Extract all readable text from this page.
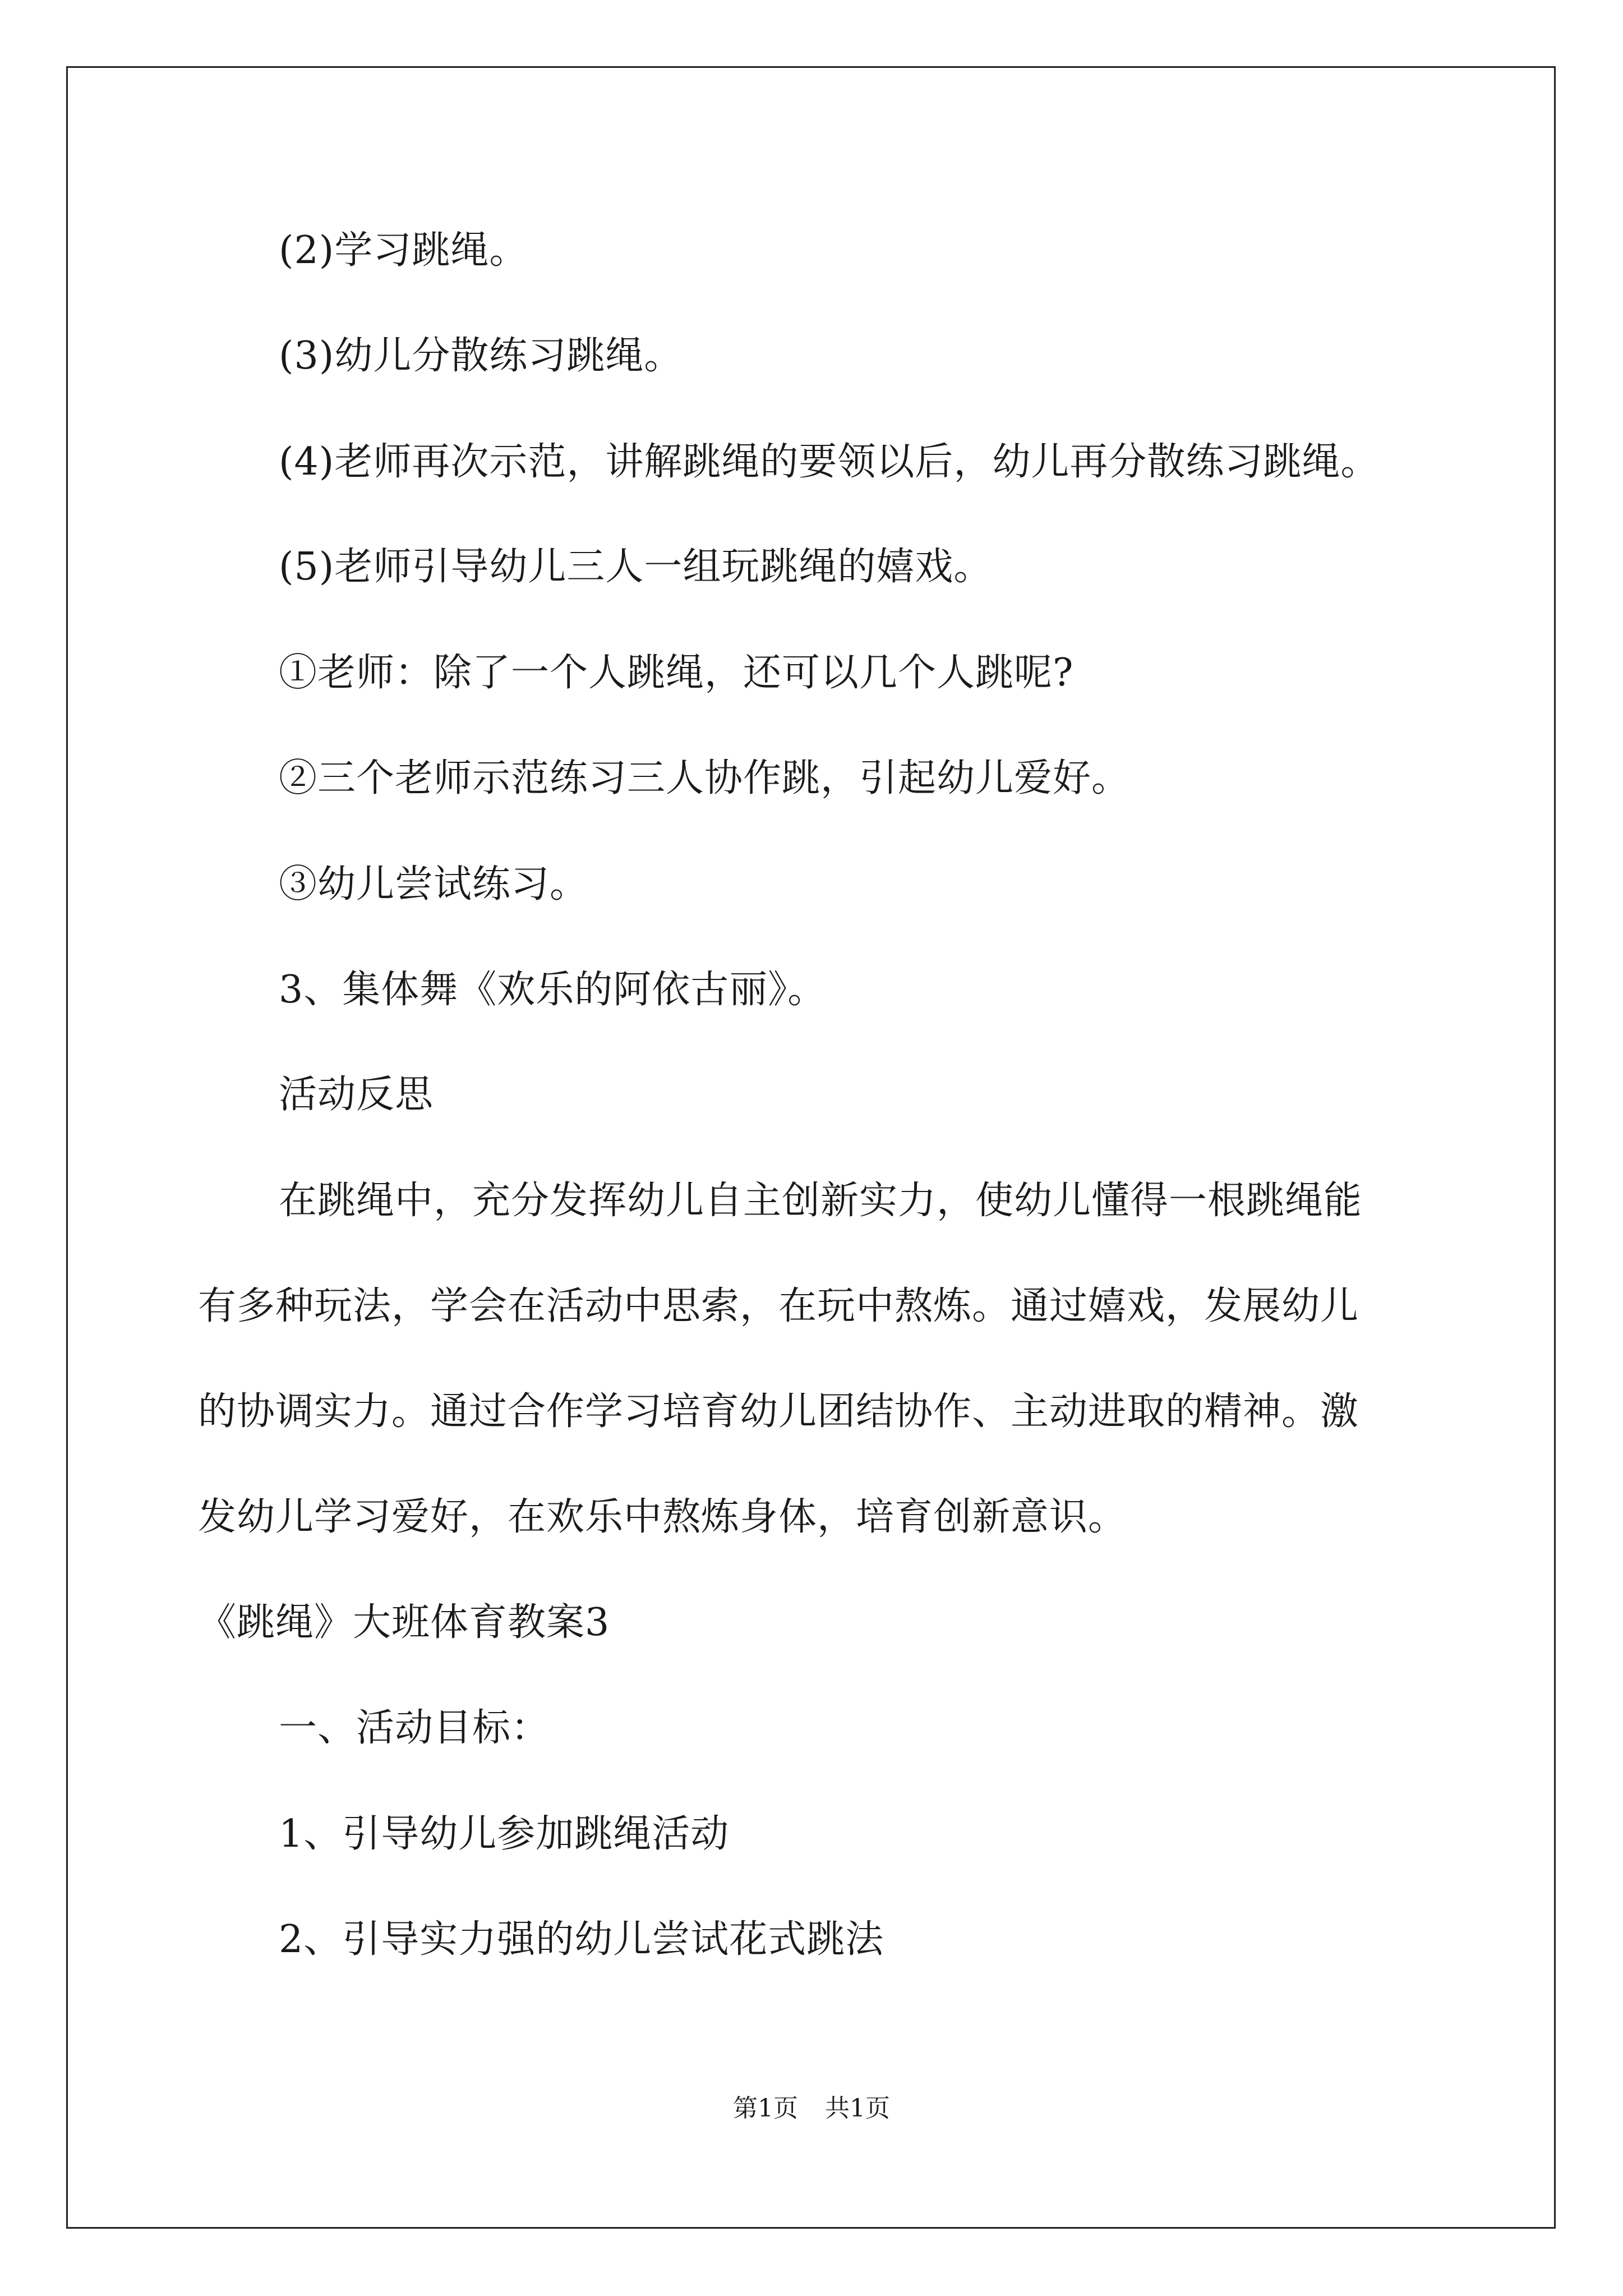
(2)学习跳绳。
(3)幼儿分散练习跳绳。
(4)老师再次示范，讲解跳绳的要领以后，幼儿再分散练习跳绳。
(5)老师引导幼儿三人一组玩跳绳的嬉戏。
①老师：除了一个人跳绳，还可以几个人跳呢?
②三个老师示范练习三人协作跳，引起幼儿爱好。
③幼儿尝试练习。
3、集体舞《欢乐的阿依古丽》。
活动反思
在跳绳中，充分发挥幼儿自主创新实力，使幼儿懂得一根跳绳能
有多种玩法，学会在活动中思索，在玩中熬炼。通过嬉戏，发展幼儿
的协调实力。通过合作学习培育幼儿团结协作、主动进取的精神。激
发幼儿学习爱好，在欢乐中熬炼身体，培育创新意识。
《跳绳》大班体育教案3
一、活动目标：
1、引导幼儿参加跳绳活动
2、引导实力强的幼儿尝试花式跳法
第1页 共1页
